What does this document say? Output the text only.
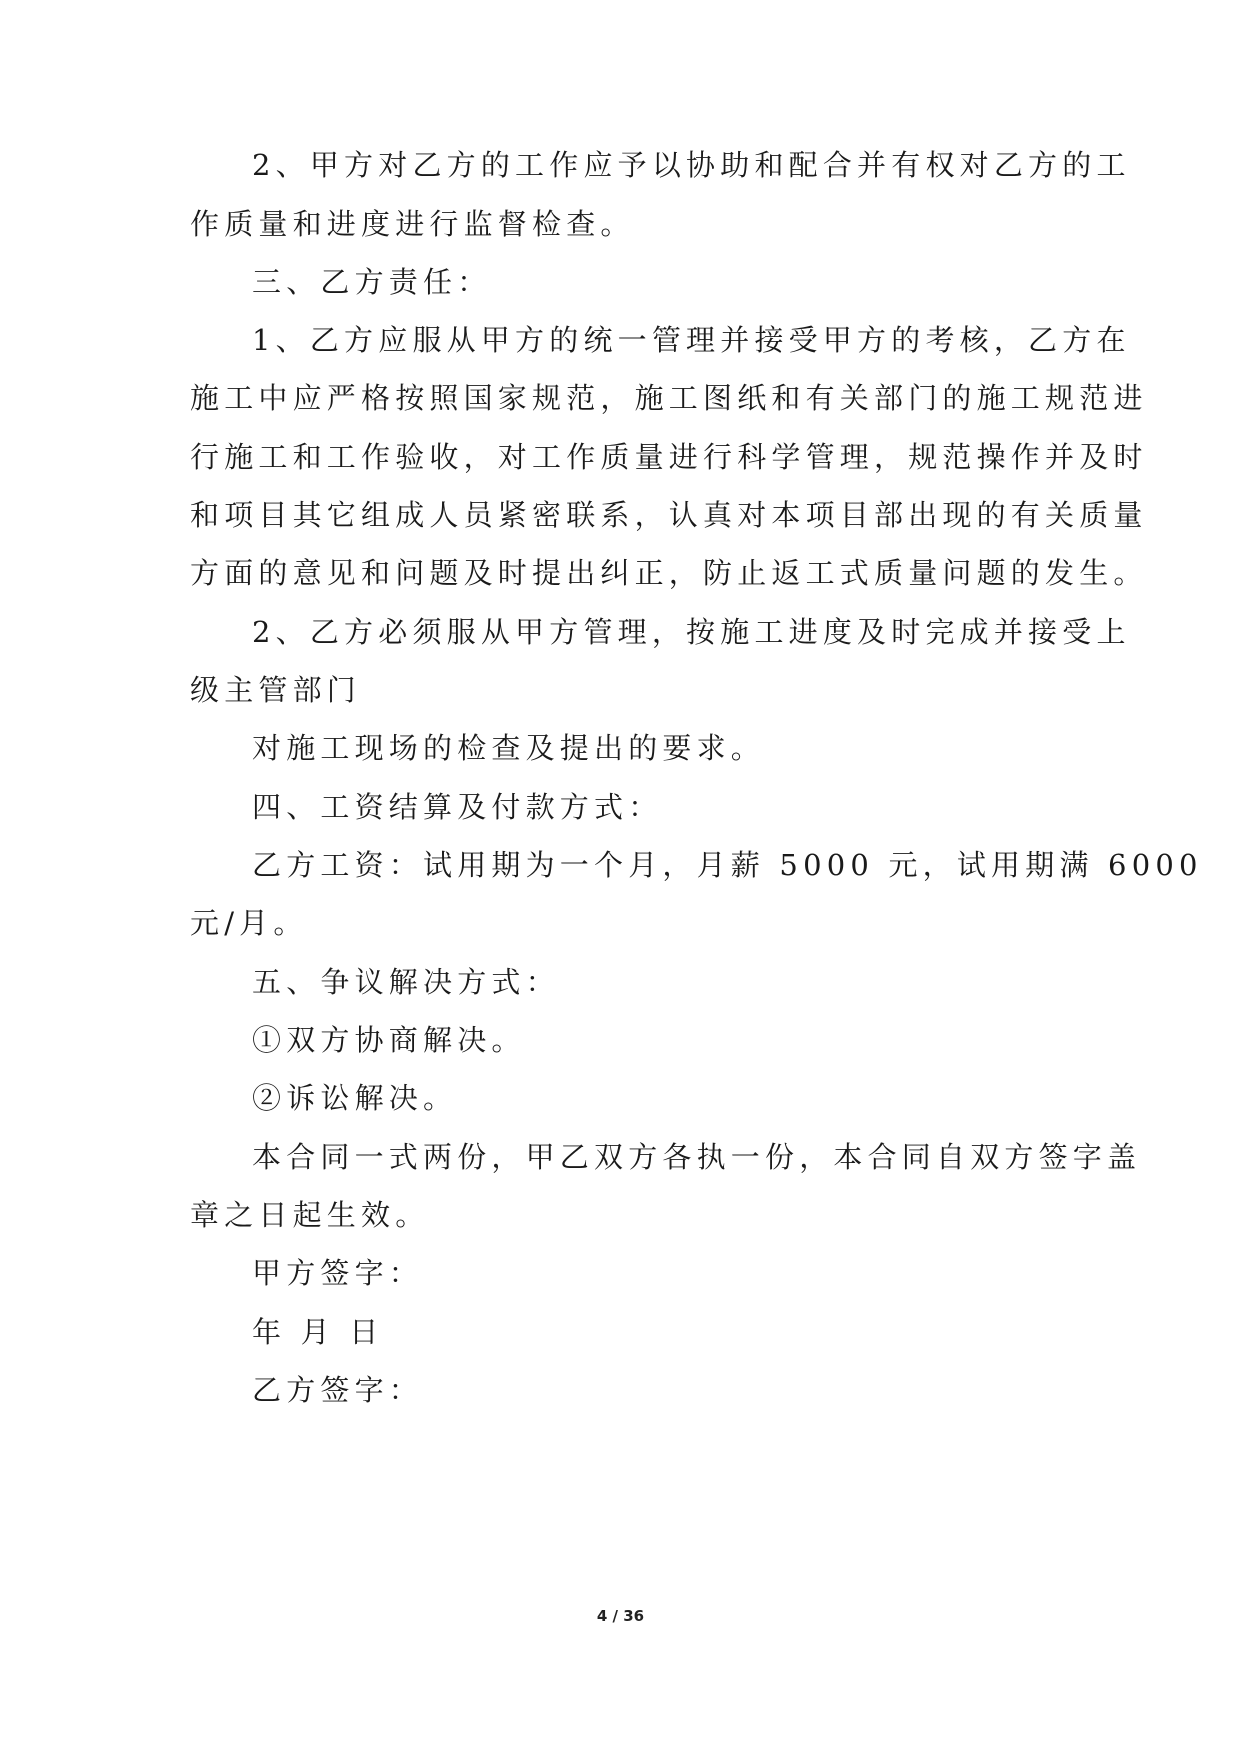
2、甲方对乙方的工作应予以协助和配合并有权对乙方的工
作质量和进度进行监督检查。
三、乙方责任：
1、乙方应服从甲方的统一管理并接受甲方的考核，乙方在
施工中应严格按照国家规范，施工图纸和有关部门的施工规范进
行施工和工作验收，对工作质量进行科学管理，规范操作并及时
和项目其它组成人员紧密联系，认真对本项目部出现的有关质量
方面的意见和问题及时提出纠正，防止返工式质量问题的发生。
2、乙方必须服从甲方管理，按施工进度及时完成并接受上
级主管部门
对施工现场的检查及提出的要求。
四、工资结算及付款方式：
乙方工资：试用期为一个月，月薪 5000 元，试用期满 6000
元/月。
五、争议解决方式：
①双方协商解决。
②诉讼解决。
本合同一式两份，甲乙双方各执一份，本合同自双方签字盖
章之日起生效。
甲方签字：
年 月 日
乙方签字：
4 / 36
